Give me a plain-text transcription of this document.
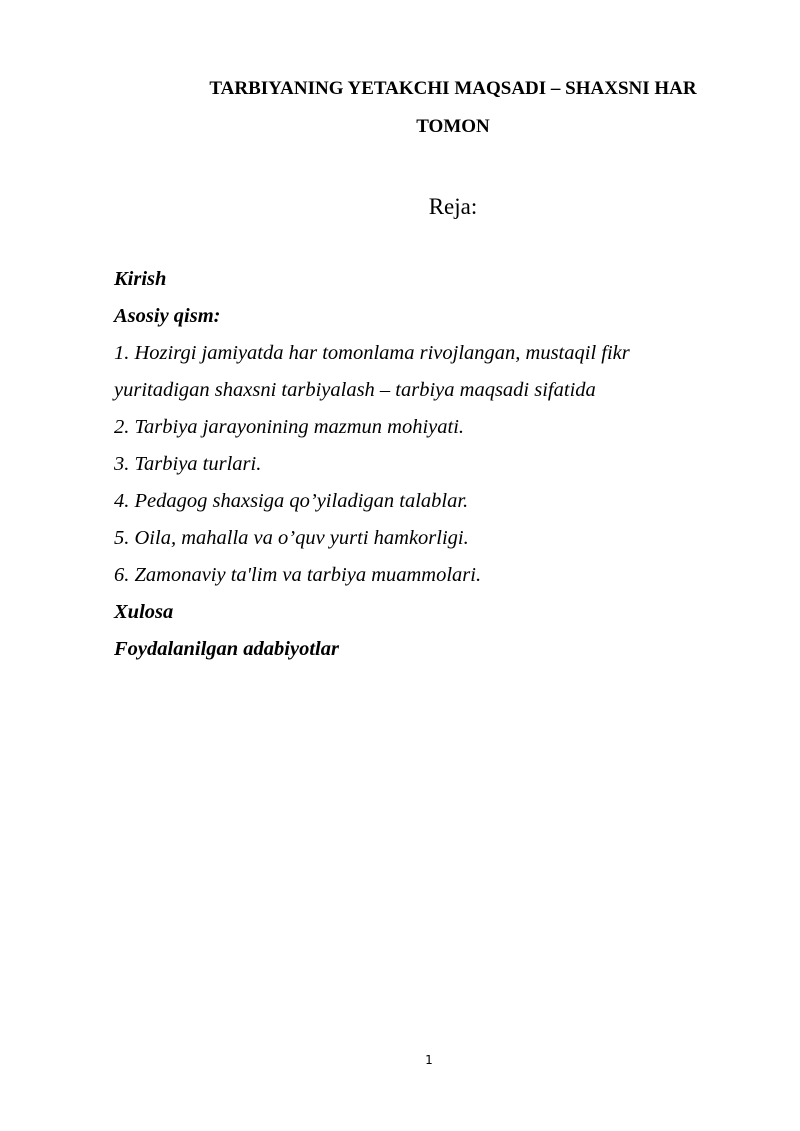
TARBIYANING YETAKCHI MAQSADI – SHAXSNI HAR
TOMON
Reja:
Kirish
Asosiy qism:
1. Hozirgi jamiyatda har tomonlama rivojlangan, mustaqil fikr
yuritadigan shaxsni tarbiyalash – tarbiya maqsadi sifatida
2. Tarbiya jarayonining mazmun mohiyati.
3. Tarbiya turlari.
4. Pedagog shaxsiga qo’yiladigan talablar.
5. Oila, mahalla va o’quv yurti hamkorligi.
6. Zamonaviy ta'lim va tarbiya muammolari.
Xulosa
Foydalanilgan adabiyotlar
1
